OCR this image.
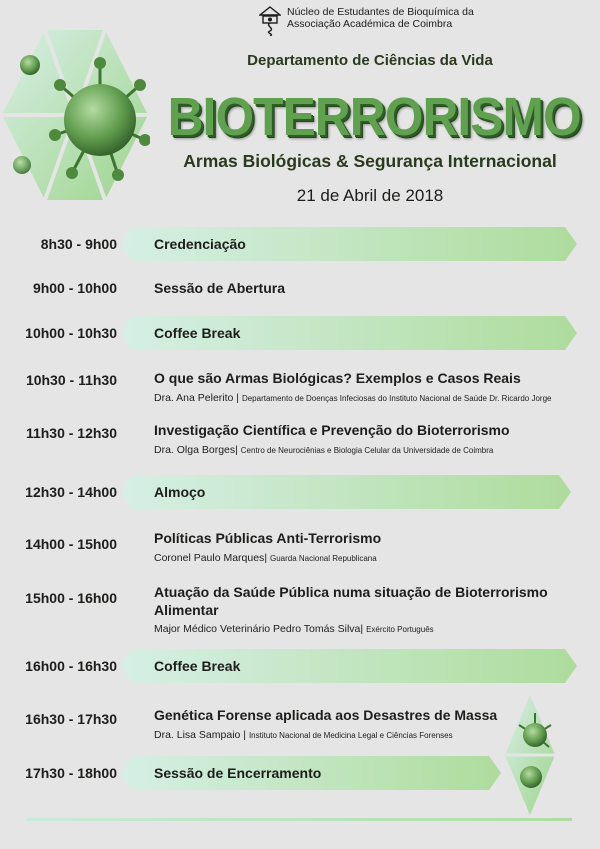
Núcleo de Estudantes de Bioquímica da
Associação Académica de Coimbra
Departamento de Ciências da Vida
BIOTERRORISMO
Armas Biológicas & Segurança Internacional
21 de Abril de 2018
8h30 - 9h00	Credenciação
9h00 - 10h00	Sessão de Abertura
10h00 - 10h30	Coffee Break
10h30 - 11h30	O que são Armas Biológicas? Exemplos e Casos Reais
Dra. Ana Pelerito | Departamento de Doenças Infeciosas do Instituto Nacional de Saúde Dr. Ricardo Jorge
11h30 - 12h30	Investigação Científica e Prevenção do Bioterrorismo
Dra. Olga Borges| Centro de Neurociênias e Biologia Celular da Universidade de Coimbra
12h30 - 14h00	Almoço
14h00 - 15h00	Políticas Públicas Anti-Terrorismo
Coronel Paulo Marques| Guarda Nacional Republicana
15h00 - 16h00	Atuação da Saúde Pública numa situação de Bioterrorismo
Alimentar
Major Médico Veterinário Pedro Tomás Silva| Exército Português
16h00 - 16h30	Coffee Break
16h30 - 17h30	Genética Forense aplicada aos Desastres de Massa
Dra. Lisa Sampaio | Instituto Nacional de Medicina Legal e Ciências Forenses
17h30 - 18h00	Sessão de Encerramento
